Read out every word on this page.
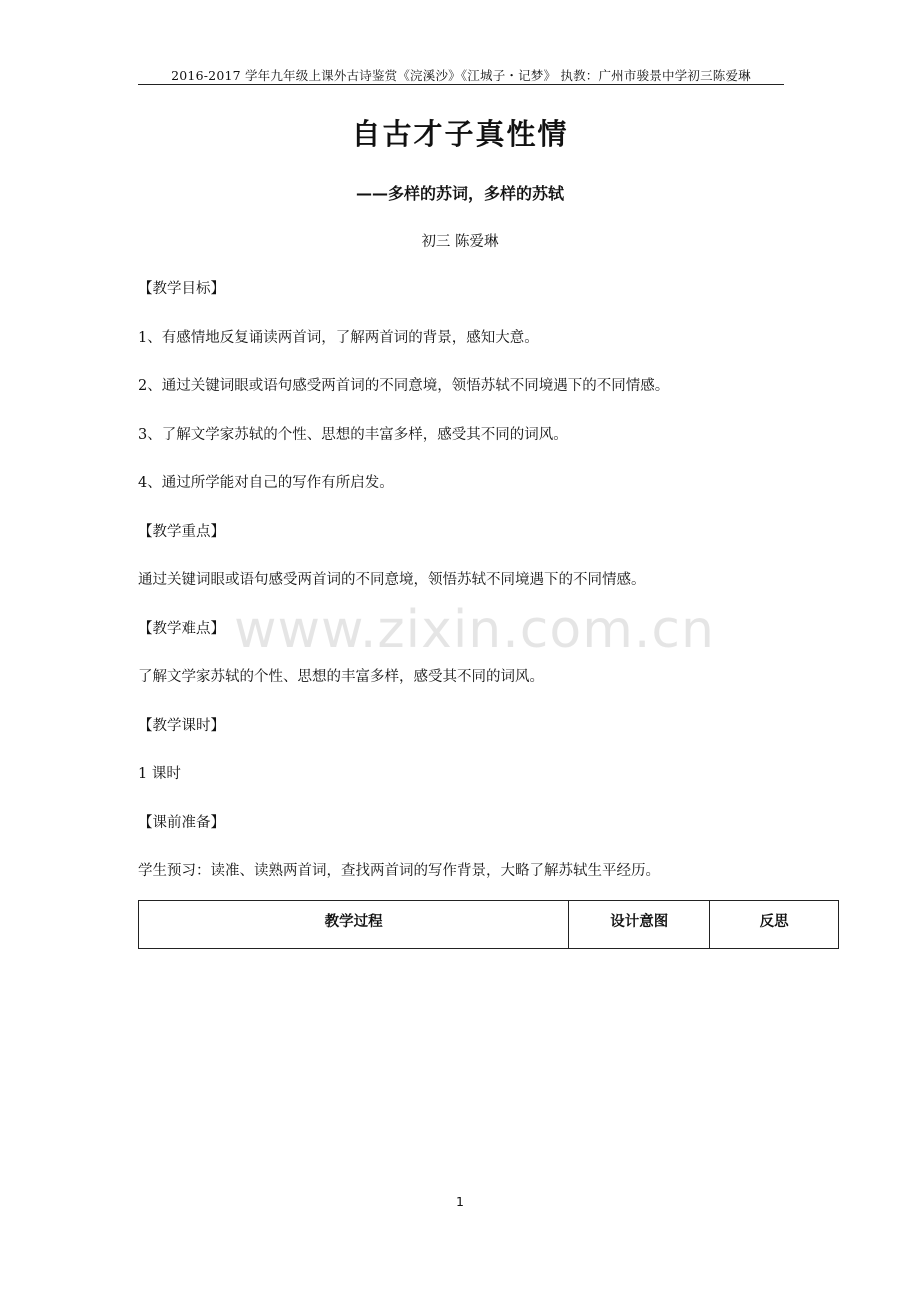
2016-2017 学年九年级上课外古诗鉴赏《浣溪沙》《江城子・记梦》 执教：广州市骏景中学初三陈爱琳
自古才子真性情
——多样的苏词，多样的苏轼
初三 陈爱琳
【教学目标】
1、有感情地反复诵读两首词，了解两首词的背景，感知大意。
2、通过关键词眼或语句感受两首词的不同意境，领悟苏轼不同境遇下的不同情感。
3、了解文学家苏轼的个性、思想的丰富多样，感受其不同的词风。
4、通过所学能对自己的写作有所启发。
【教学重点】
通过关键词眼或语句感受两首词的不同意境，领悟苏轼不同境遇下的不同情感。
【教学难点】
了解文学家苏轼的个性、思想的丰富多样，感受其不同的词风。
【教学课时】
1 课时
【课前准备】
学生预习：读准、读熟两首词，查找两首词的写作背景，大略了解苏轼生平经历。
www.zixin.com.cn
教学过程	设计意图	反思
1
